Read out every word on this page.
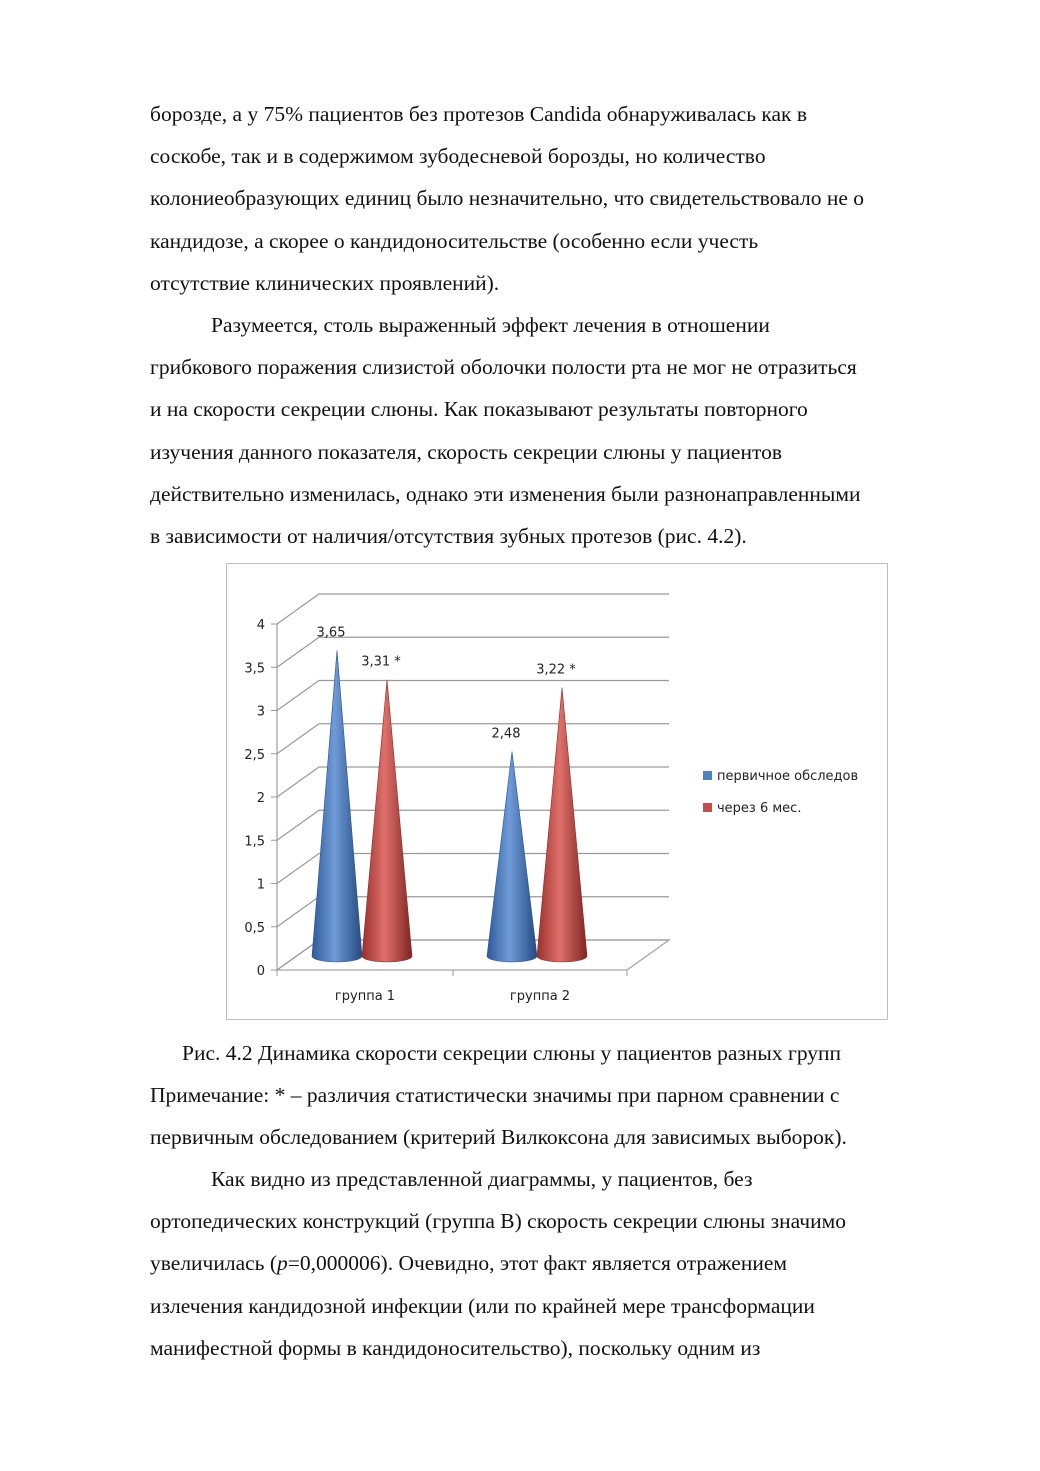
борозде, а у 75% пациентов без протезов Candida обнаруживалась как в

соскобе, так и в содержимом зубодесневой борозды, но количество

колониеобразующих единиц было незначительно, что свидетельствовало не о

кандидозе, а скорее о кандидоносительстве (особенно если учесть

отсутствие клинических проявлений).

Разумеется, столь выраженный эффект лечения в отношении

грибкового поражения слизистой оболочки полости рта не мог не отразиться

и на скорости секреции слюны. Как показывают результаты повторного

изучения данного показателя, скорость секреции слюны у пациентов

действительно изменилась, однако эти изменения были разнонаправленными

в зависимости от наличия/отсутствия зубных протезов (рис. 4.2).

0
0,5
1
1,5
2
2,5
3
3,5
4	3,65
3,31 *
2,48
3,22 *
группа 1	группа 2
первичное обследов
через 6 мес.

Рис. 4.2 Динамика скорости секреции слюны у пациентов разных групп

Примечание: * – различия статистически значимы при парном сравнении с

первичным обследованием (критерий Вилкоксона для зависимых выборок).

Как видно из представленной диаграммы, у пациентов, без

ортопедических конструкций (группа В) скорость секреции слюны значимо

увеличилась (p=0,000006). Очевидно, этот факт является отражением

излечения кандидозной инфекции (или по крайней мере трансформации

манифестной формы в кандидоносительство), поскольку одним из
